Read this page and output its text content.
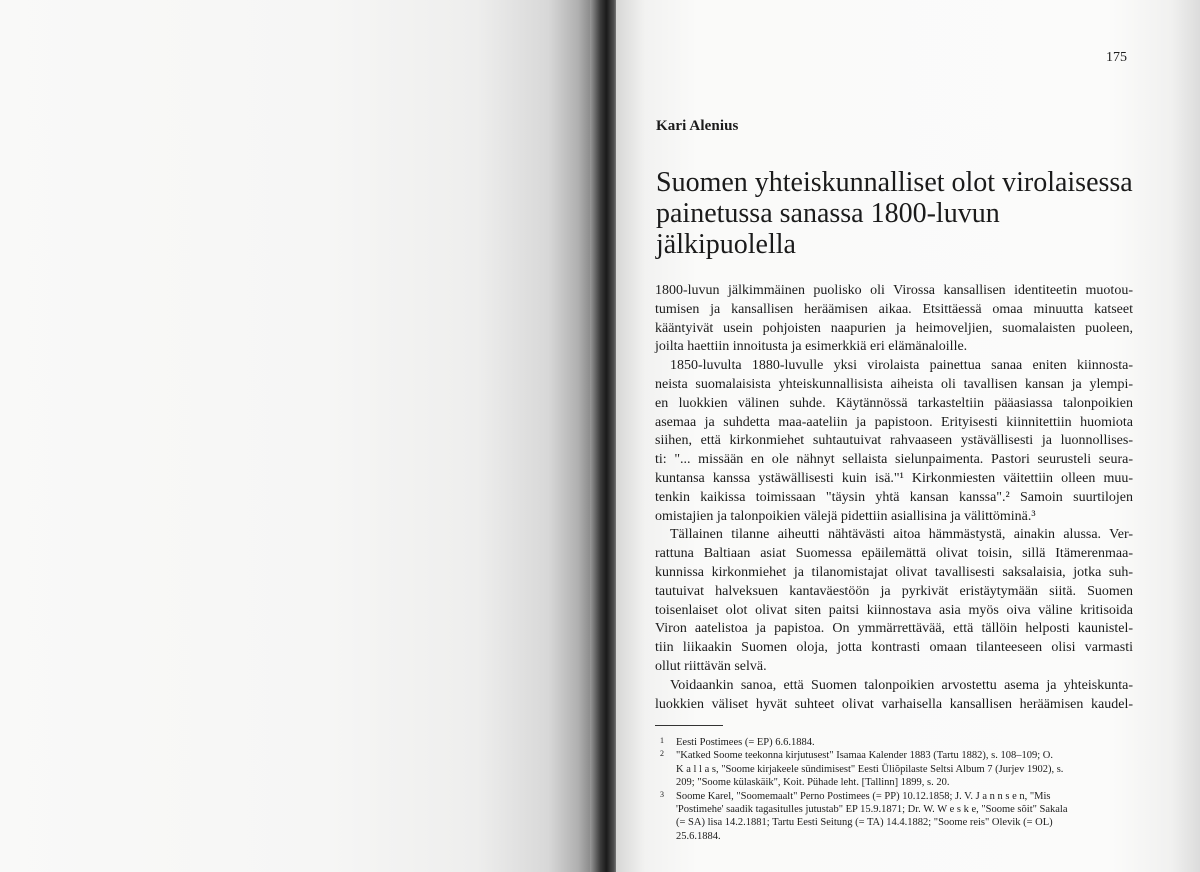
175
Kari Alenius
Suomen yhteiskunnalliset olot virolaisessa
painetussa sanassa 1800-luvun
jälkipuolella
1800-luvun jälkimmäinen puolisko oli Virossa kansallisen identiteetin muotou-
tumisen ja kansallisen heräämisen aikaa. Etsittäessä omaa minuutta katseet
kääntyivät usein pohjoisten naapurien ja heimoveljien, suomalaisten puoleen,
joilta haettiin innoitusta ja esimerkkiä eri elämänaloille.
1850-luvulta 1880-luvulle yksi virolaista painettua sanaa eniten kiinnosta-
neista suomalaisista yhteiskunnallisista aiheista oli tavallisen kansan ja ylempi-
en luokkien välinen suhde. Käytännössä tarkasteltiin pääasiassa talonpoikien
asemaa ja suhdetta maa-aateliin ja papistoon. Erityisesti kiinnitettiin huomiota
siihen, että kirkonmiehet suhtautuivat rahvaaseen ystävällisesti ja luonnollises-
ti: "... missään en ole nähnyt sellaista sielunpaimenta. Pastori seurusteli seura-
kuntansa kanssa ystäwällisesti kuin isä."¹ Kirkonmiesten väitettiin olleen muu-
tenkin kaikissa toimissaan "täysin yhtä kansan kanssa".² Samoin suurtilojen
omistajien ja talonpoikien välejä pidettiin asiallisina ja välittöminä.³
Tällainen tilanne aiheutti nähtävästi aitoa hämmästystä, ainakin alussa. Ver-
rattuna Baltiaan asiat Suomessa epäilemättä olivat toisin, sillä Itämerenmaa-
kunnissa kirkonmiehet ja tilanomistajat olivat tavallisesti saksalaisia, jotka suh-
tautuivat halveksuen kantaväestöön ja pyrkivät eristäytymään siitä. Suomen
toisenlaiset olot olivat siten paitsi kiinnostava asia myös oiva väline kritisoida
Viron aatelistoa ja papistoa. On ymmärrettävää, että tällöin helposti kaunistel-
tiin liikaakin Suomen oloja, jotta kontrasti omaan tilanteeseen olisi varmasti
ollut riittävän selvä.
Voidaankin sanoa, että Suomen talonpoikien arvostettu asema ja yhteiskunta-
luokkien väliset hyvät suhteet olivat varhaisella kansallisen heräämisen kaudel-
1 Eesti Postimees (= EP) 6.6.1884.
2 "Katked Soome teekonna kirjutusest" Isamaa Kalender 1883 (Tartu 1882), s. 108–109; O.
K a l l a s, "Soome kirjakeele sündimisest" Eesti Üliõpilaste Seltsi Album 7 (Jurjev 1902), s.
209; "Soome külaskäik", Koit. Pühade leht. [Tallinn] 1899, s. 20.
3 Soome Karel, "Soomemaalt" Perno Postimees (= PP) 10.12.1858; J. V. J a n n s e n, "Mis
'Postimehe' saadik tagasitulles jutustab" EP 15.9.1871; Dr. W. W e s k e, "Soome sõit" Sakala
(= SA) lisa 14.2.1881; Tartu Eesti Seitung (= TA) 14.4.1882; "Soome reis" Olevik (= OL)
25.6.1884.
